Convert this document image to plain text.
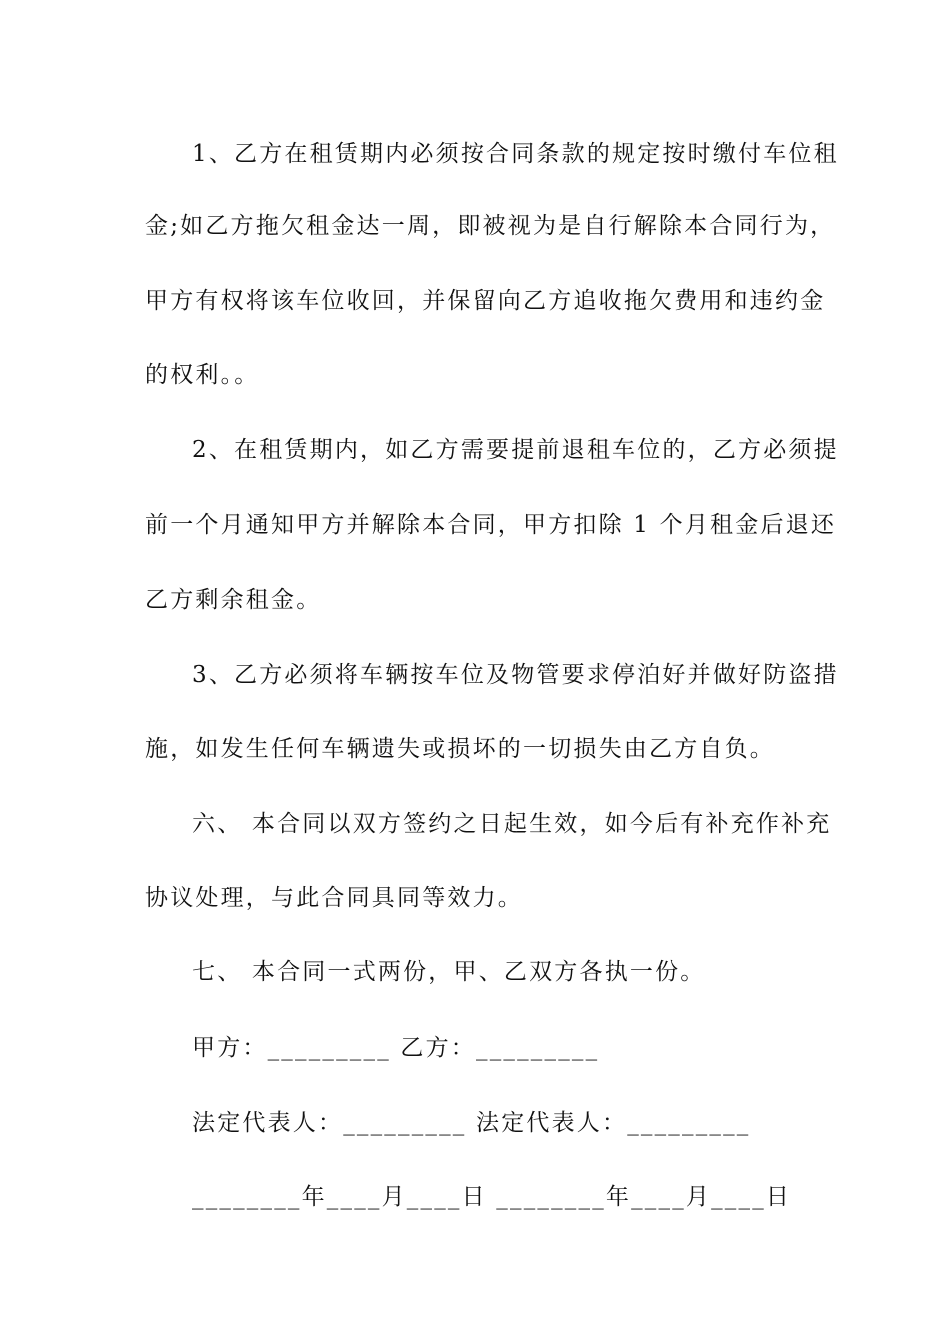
1、乙方在租赁期内必须按合同条款的规定按时缴付车位租
金;如乙方拖欠租金达一周，即被视为是自行解除本合同行为，
甲方有权将该车位收回，并保留向乙方追收拖欠费用和违约金
的权利。。
2、在租赁期内，如乙方需要提前退租车位的，乙方必须提
前一个月通知甲方并解除本合同，甲方扣除 1 个月租金后退还
乙方剩余租金。
3、乙方必须将车辆按车位及物管要求停泊好并做好防盗措
施，如发生任何车辆遗失或损坏的一切损失由乙方自负。
六、 本合同以双方签约之日起生效，如今后有补充作补充
协议处理，与此合同具同等效力。
七、 本合同一式两份，甲、乙双方各执一份。
甲方：_________ 乙方：_________
法定代表人：_________ 法定代表人：_________
________年____月____日 ________年____月____日
